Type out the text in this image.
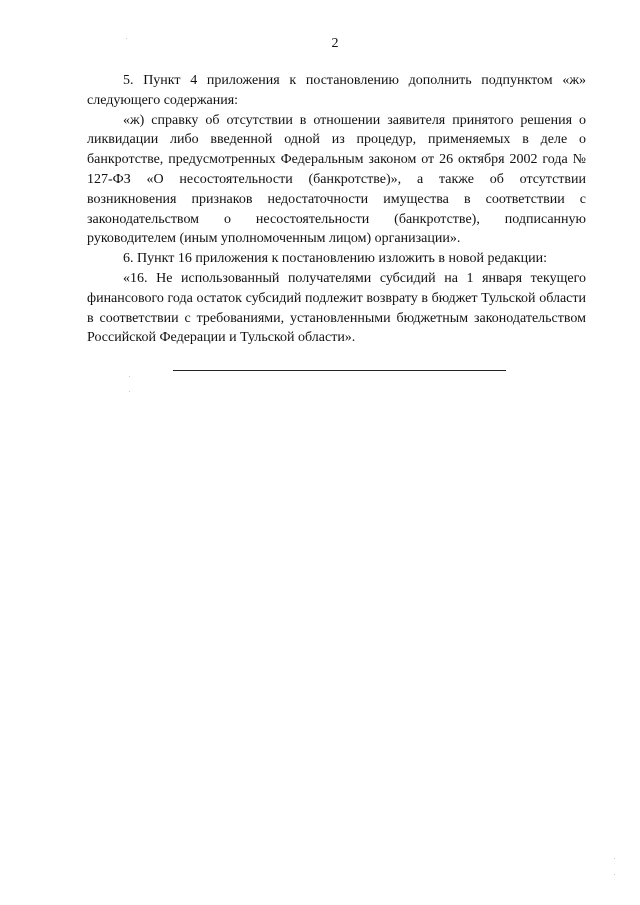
2

5. Пункт 4 приложения к постановлению дополнить подпунктом «ж» следующего содержания:

«ж) справку об отсутствии в отношении заявителя принятого решения о ликвидации либо введенной одной из процедур, применяемых в деле о банкротстве, предусмотренных Федеральным законом от 26 октября 2002 года № 127-ФЗ «О несостоятельности (банкротстве)», а также об отсутствии возникновения признаков недостаточности имущества в соответствии с законодательством о несостоятельности (банкротстве), подписанную руководителем (иным уполномоченным лицом) организации».

6. Пункт 16 приложения к постановлению изложить в новой редакции:

«16. Не использованный получателями субсидий на 1 января текущего финансового года остаток субсидий подлежит возврату в бюджет Тульской области в соответствии с требованиями, установленными бюджетным законодательством Российской Федерации и Тульской области».
